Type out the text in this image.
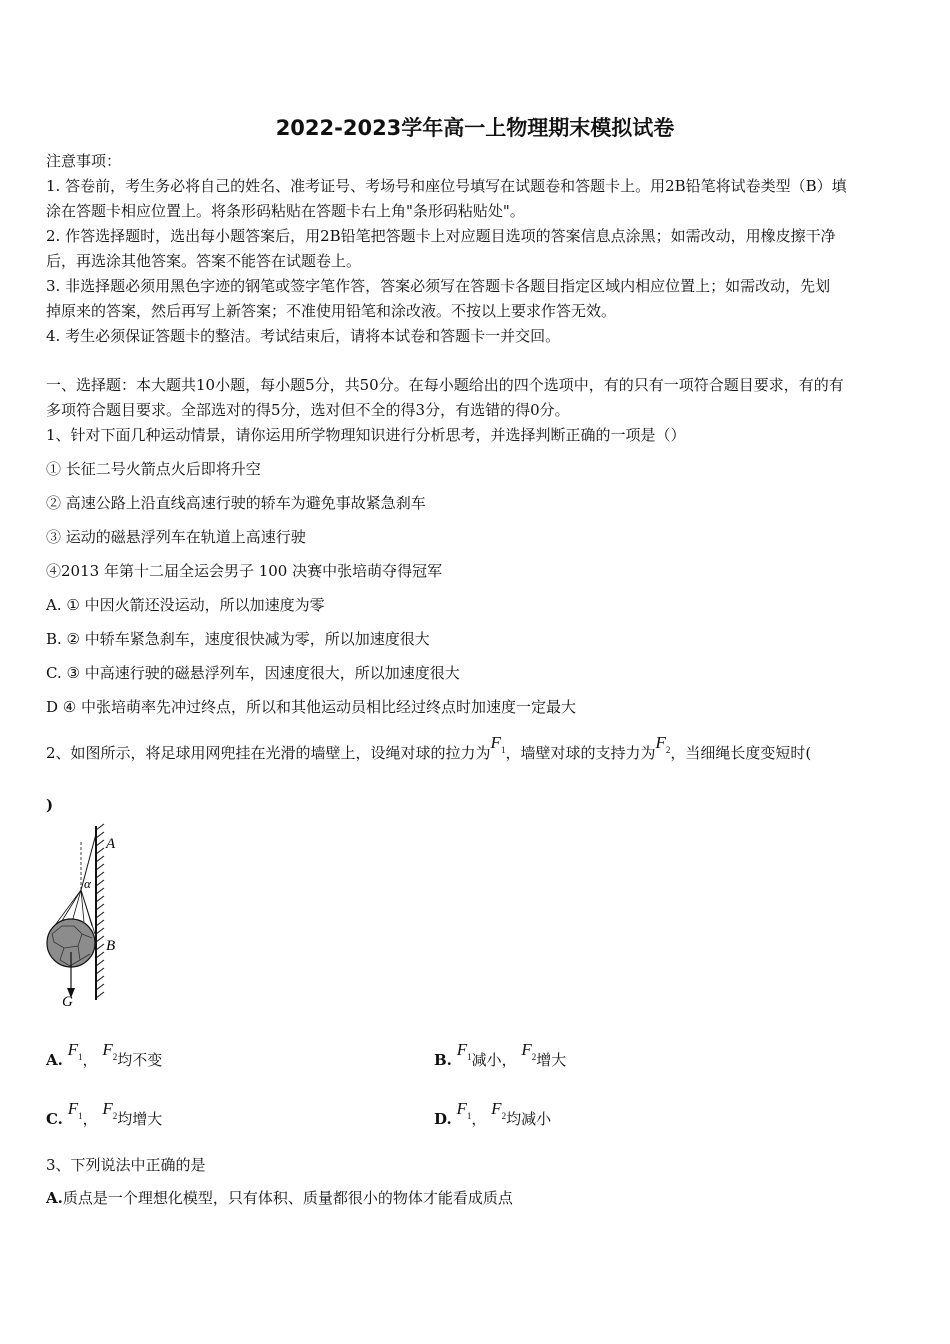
2022-2023学年高一上物理期末模拟试卷
注意事项：
1. 答卷前，考生务必将自己的姓名、准考证号、考场号和座位号填写在试题卷和答题卡上。用2B铅笔将试卷类型（B）填
涂在答题卡相应位置上。将条形码粘贴在答题卡右上角"条形码粘贴处"。
2. 作答选择题时，选出每小题答案后，用2B铅笔把答题卡上对应题目选项的答案信息点涂黑；如需改动，用橡皮擦干净
后，再选涂其他答案。答案不能答在试题卷上。
3. 非选择题必须用黑色字迹的钢笔或签字笔作答，答案必须写在答题卡各题目指定区域内相应位置上；如需改动，先划
掉原来的答案，然后再写上新答案；不准使用铅笔和涂改液。不按以上要求作答无效。
4. 考生必须保证答题卡的整洁。考试结束后，请将本试卷和答题卡一并交回。
一、选择题：本大题共10小题，每小题5分，共50分。在每小题给出的四个选项中，有的只有一项符合题目要求，有的有
多项符合题目要求。全部选对的得5分，选对但不全的得3分，有选错的得0分。
1、针对下面几种运动情景，请你运用所学物理知识进行分析思考，并选择判断正确的一项是（）
① 长征二号火箭点火后即将升空
② 高速公路上沿直线高速行驶的轿车为避免事故紧急刹车
③ 运动的磁悬浮列车在轨道上高速行驶
④2013 年第十二届全运会男子 100 决赛中张培萌夺得冠军
A. ① 中因火箭还没运动，所以加速度为零
B. ② 中轿车紧急刹车，速度很快减为零，所以加速度很大
C. ③ 中高速行驶的磁悬浮列车，因速度很大，所以加速度很大
D ④ 中张培萌率先冲过终点，所以和其他运动员相比经过终点时加速度一定最大
2、如图所示，将足球用网兜挂在光滑的墙壁上，设绳对球的拉力为$F_1$，墙壁对球的支持力为$F_2$，当细绳长度变短时(
)
A
α
B
G
A. $F_1$， $F_2$均不变	B. $F_1$减小， $F_2$增大
C. $F_1$， $F_2$均增大	D. $F_1$， $F_2$均减小
3、下列说法中正确的是
A.质点是一个理想化模型，只有体积、质量都很小的物体才能看成质点
